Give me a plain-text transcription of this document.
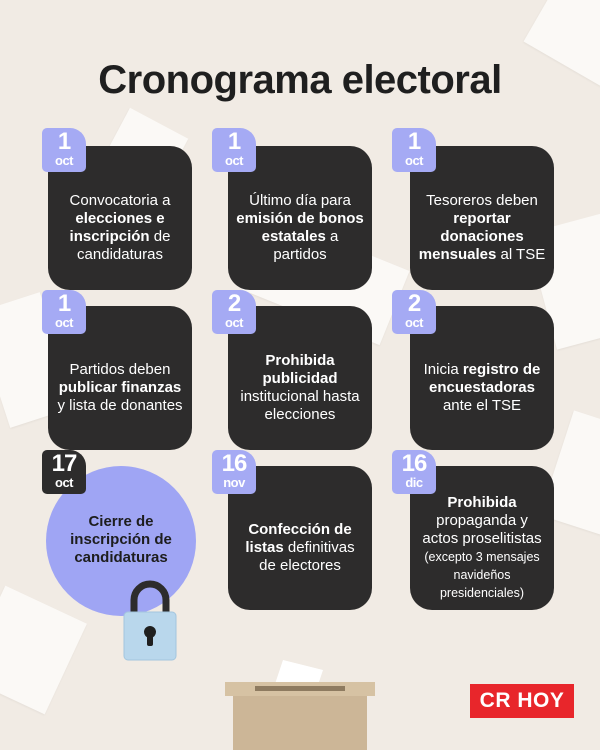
Cronograma electoral
Convocatoria a elecciones e inscripción de candidaturas
1
oct
Último día para emisión de bonos estatales a partidos
1
oct
Tesoreros deben reportar donaciones mensuales al TSE
1
oct
Partidos deben publicar finanzas y lista de donantes
1
oct
Prohibida publicidad institucional hasta elecciones
2
oct
Inicia registro de encuestadoras ante el TSE
2
oct
Cierre de inscripción de candidaturas
17
oct
Confección de listas definitivas de electores
16
nov
Prohibida propaganda y actos proselitistas
(excepto 3 mensajes navideños presidenciales)
16
dic
CR HOY
